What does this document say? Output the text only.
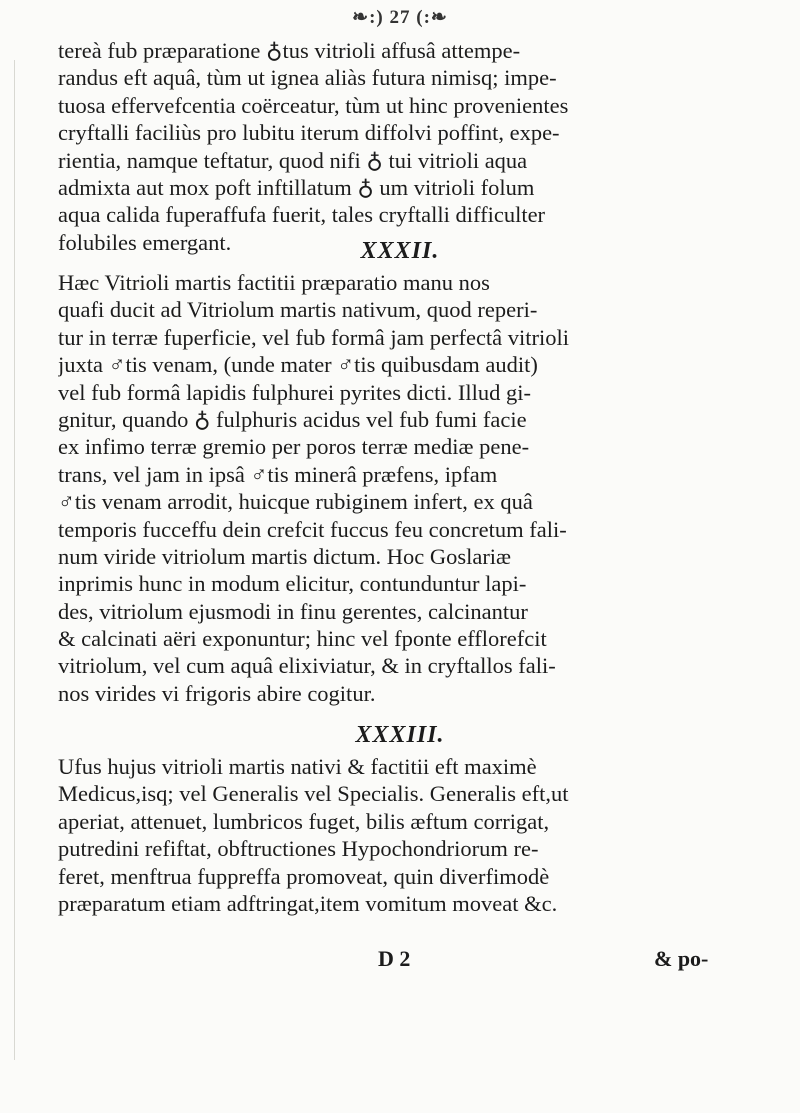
❧:) 27 (:❧
tereà fub præparatione ♁tus vitrioli affusâ attempe-
randus eft aquâ, tùm ut ignea aliàs futura nimisq; impe-
tuosa effervefcentia coërceatur, tùm ut hinc provenientes
cryftalli faciliùs pro lubitu iterum diffolvi poffint, expe-
rientia, namque teftatur, quod nifi ♁ tui vitrioli aqua
admixta aut mox poft inftillatum ♁ um vitrioli folum
aqua calida fuperaffufa fuerit, tales cryftalli difficulter
folubiles emergant.	XXXII.
Hæc Vitrioli martis factitii præparatio manu nos
quafi ducit ad Vitriolum martis nativum, quod reperi-
tur in terræ fuperficie, vel fub formâ jam perfectâ vitrioli
juxta ♂tis venam, (unde mater ♂tis quibusdam audit)
vel fub formâ lapidis fulphurei pyrites dicti. Illud gi-
gnitur, quando ♁ fulphuris acidus vel fub fumi facie
ex infimo terræ gremio per poros terræ mediæ pene-
trans, vel jam in ipsâ ♂tis minerâ præfens, ipfam
♂tis venam arrodit, huicque rubiginem infert, ex quâ
temporis fucceffu dein crefcit fuccus feu concretum fali-
num viride vitriolum martis dictum. Hoc Goslariæ
inprimis hunc in modum elicitur, contunduntur lapi-
des, vitriolum ejusmodi in finu gerentes, calcinantur
& calcinati aëri exponuntur; hinc vel fponte efflorefcit
vitriolum, vel cum aquâ elixiviatur, & in cryftallos fali-
nos virides vi frigoris abire cogitur.
XXXIII.
Ufus hujus vitrioli martis nativi & factitii eft maximè
Medicus,isq; vel Generalis vel Specialis. Generalis eft,ut
aperiat, attenuet, lumbricos fuget, bilis æftum corrigat,
putredini refiftat, obftructiones Hypochondriorum re-
feret, menftrua fuppreffa promoveat, quin diverfimodè
præparatum etiam adftringat,item vomitum moveat &c.
D 2	& po-
